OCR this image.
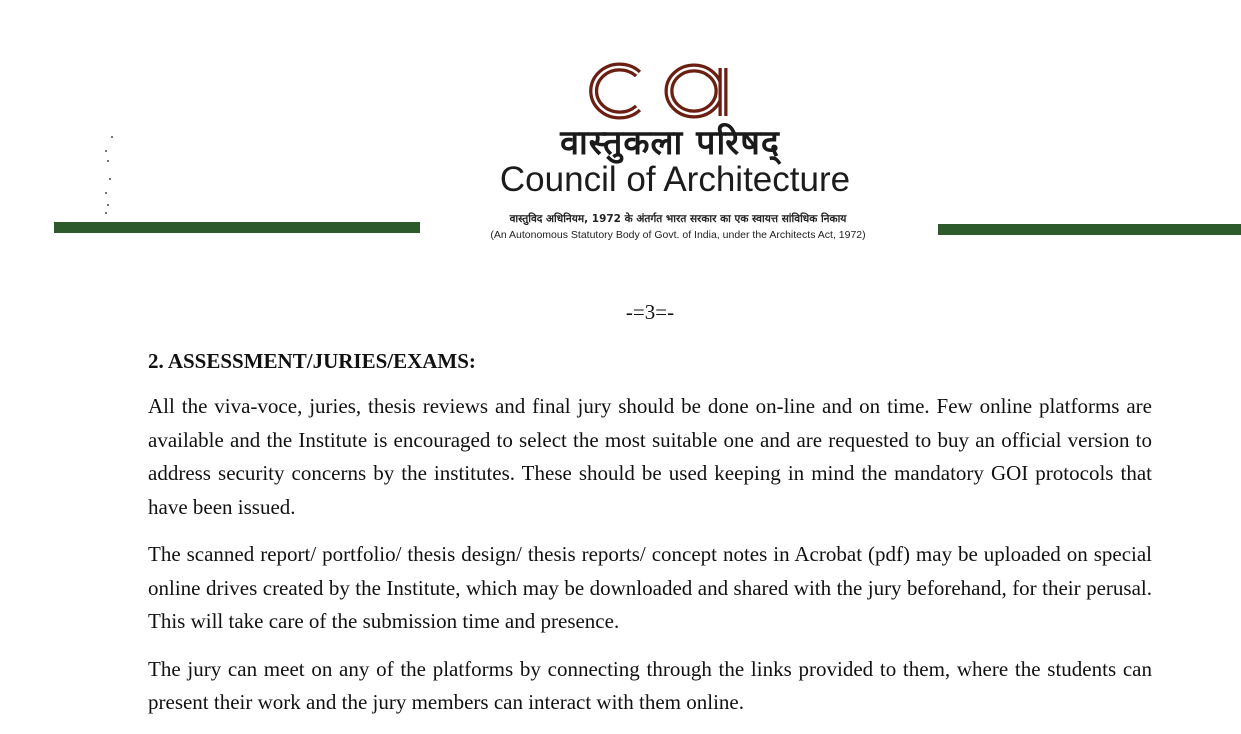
वास्तुकला परिषद्
Council of Architecture
वास्तुविद अधिनियम, 1972 के अंतर्गत भारत सरकार का एक स्वायत्त सांविधिक निकाय
(An Autonomous Statutory Body of Govt. of India, under the Architects Act, 1972)
-=3=-
2. ASSESSMENT/JURIES/EXAMS:

All the viva-voce, juries, thesis reviews and final jury should be done on-line and on time. Few online platforms are available and the Institute is encouraged to select the most suitable one and are requested to buy an official version to address security concerns by the institutes. These should be used keeping in mind the mandatory GOI protocols that have been issued.

The scanned report/ portfolio/ thesis design/ thesis reports/ concept notes in Acrobat (pdf) may be uploaded on special online drives created by the Institute, which may be downloaded and shared with the jury beforehand, for their perusal. This will take care of the submission time and presence.

The jury can meet on any of the platforms by connecting through the links provided to them, where the students can present their work and the jury members can interact with them online.
